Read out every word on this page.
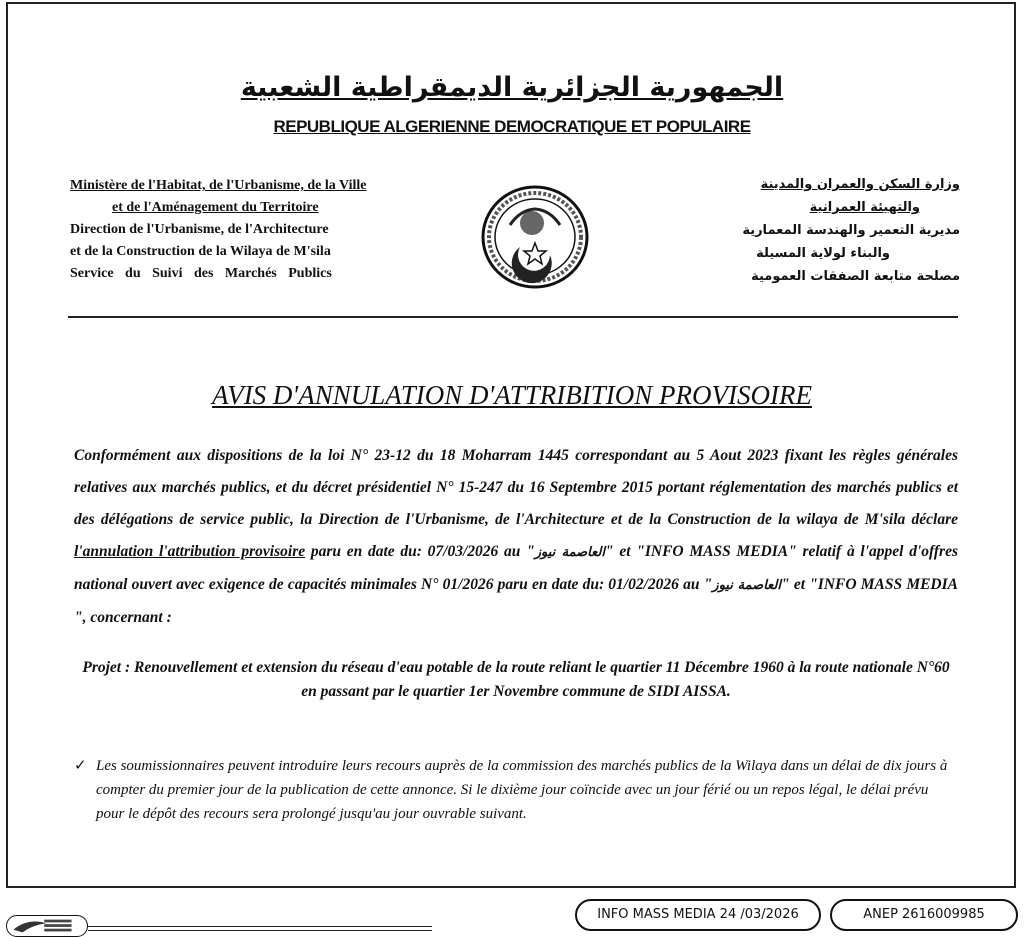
الجمهورية الجزائرية الديمقراطية الشعبية
REPUBLIQUE ALGERIENNE DEMOCRATIQUE ET POPULAIRE
Ministère de l'Habitat, de l'Urbanisme, de la Ville
et de l'Aménagement du Territoire
Direction de l'Urbanisme, de l'Architecture
et de la Construction de la Wilaya de M'sila
Service du Suivi des Marchés Publics
وزارة السكن والعمران والمدينة
والتهيئة العمرانية
مديرية التعمير والهندسة المعمارية
والبناء لولاية المسيلة
مصلحة متابعة الصفقات العمومية
AVIS D'ANNULATION D'ATTRIBITION PROVISOIRE
Conformément aux dispositions de la loi N° 23-12 du 18 Moharram 1445 correspondant au 5 Aout 2023 fixant les règles générales relatives aux marchés publics, et du décret présidentiel N° 15-247 du 16 Septembre 2015 portant réglementation des marchés publics et des délégations de service public, la Direction de l'Urbanisme, de l'Architecture et de la Construction de la wilaya de M'sila déclare l'annulation l'attribution provisoire paru en date du: 07/03/2026 au "العاصمة نيوز" et "INFO MASS MEDIA" relatif à l'appel d'offres national ouvert avec exigence de capacités minimales N° 01/2026 paru en date du: 01/02/2026 au "العاصمة نيوز" et "INFO MASS MEDIA ", concernant :
Projet : Renouvellement et extension du réseau d'eau potable de la route reliant le quartier 11 Décembre 1960 à la route nationale N°60 en passant par le quartier 1er Novembre commune de SIDI AISSA.
✓ Les soumissionnaires peuvent introduire leurs recours auprès de la commission des marchés publics de la Wilaya dans un délai de dix jours à compter du premier jour de la publication de cette annonce. Si le dixième jour coïncide avec un jour férié ou un repos légal, le délai prévu pour le dépôt des recours sera prolongé jusqu'au jour ouvrable suivant.
INFO MASS MEDIA 24 /03/2026	ANEP 2616009985
